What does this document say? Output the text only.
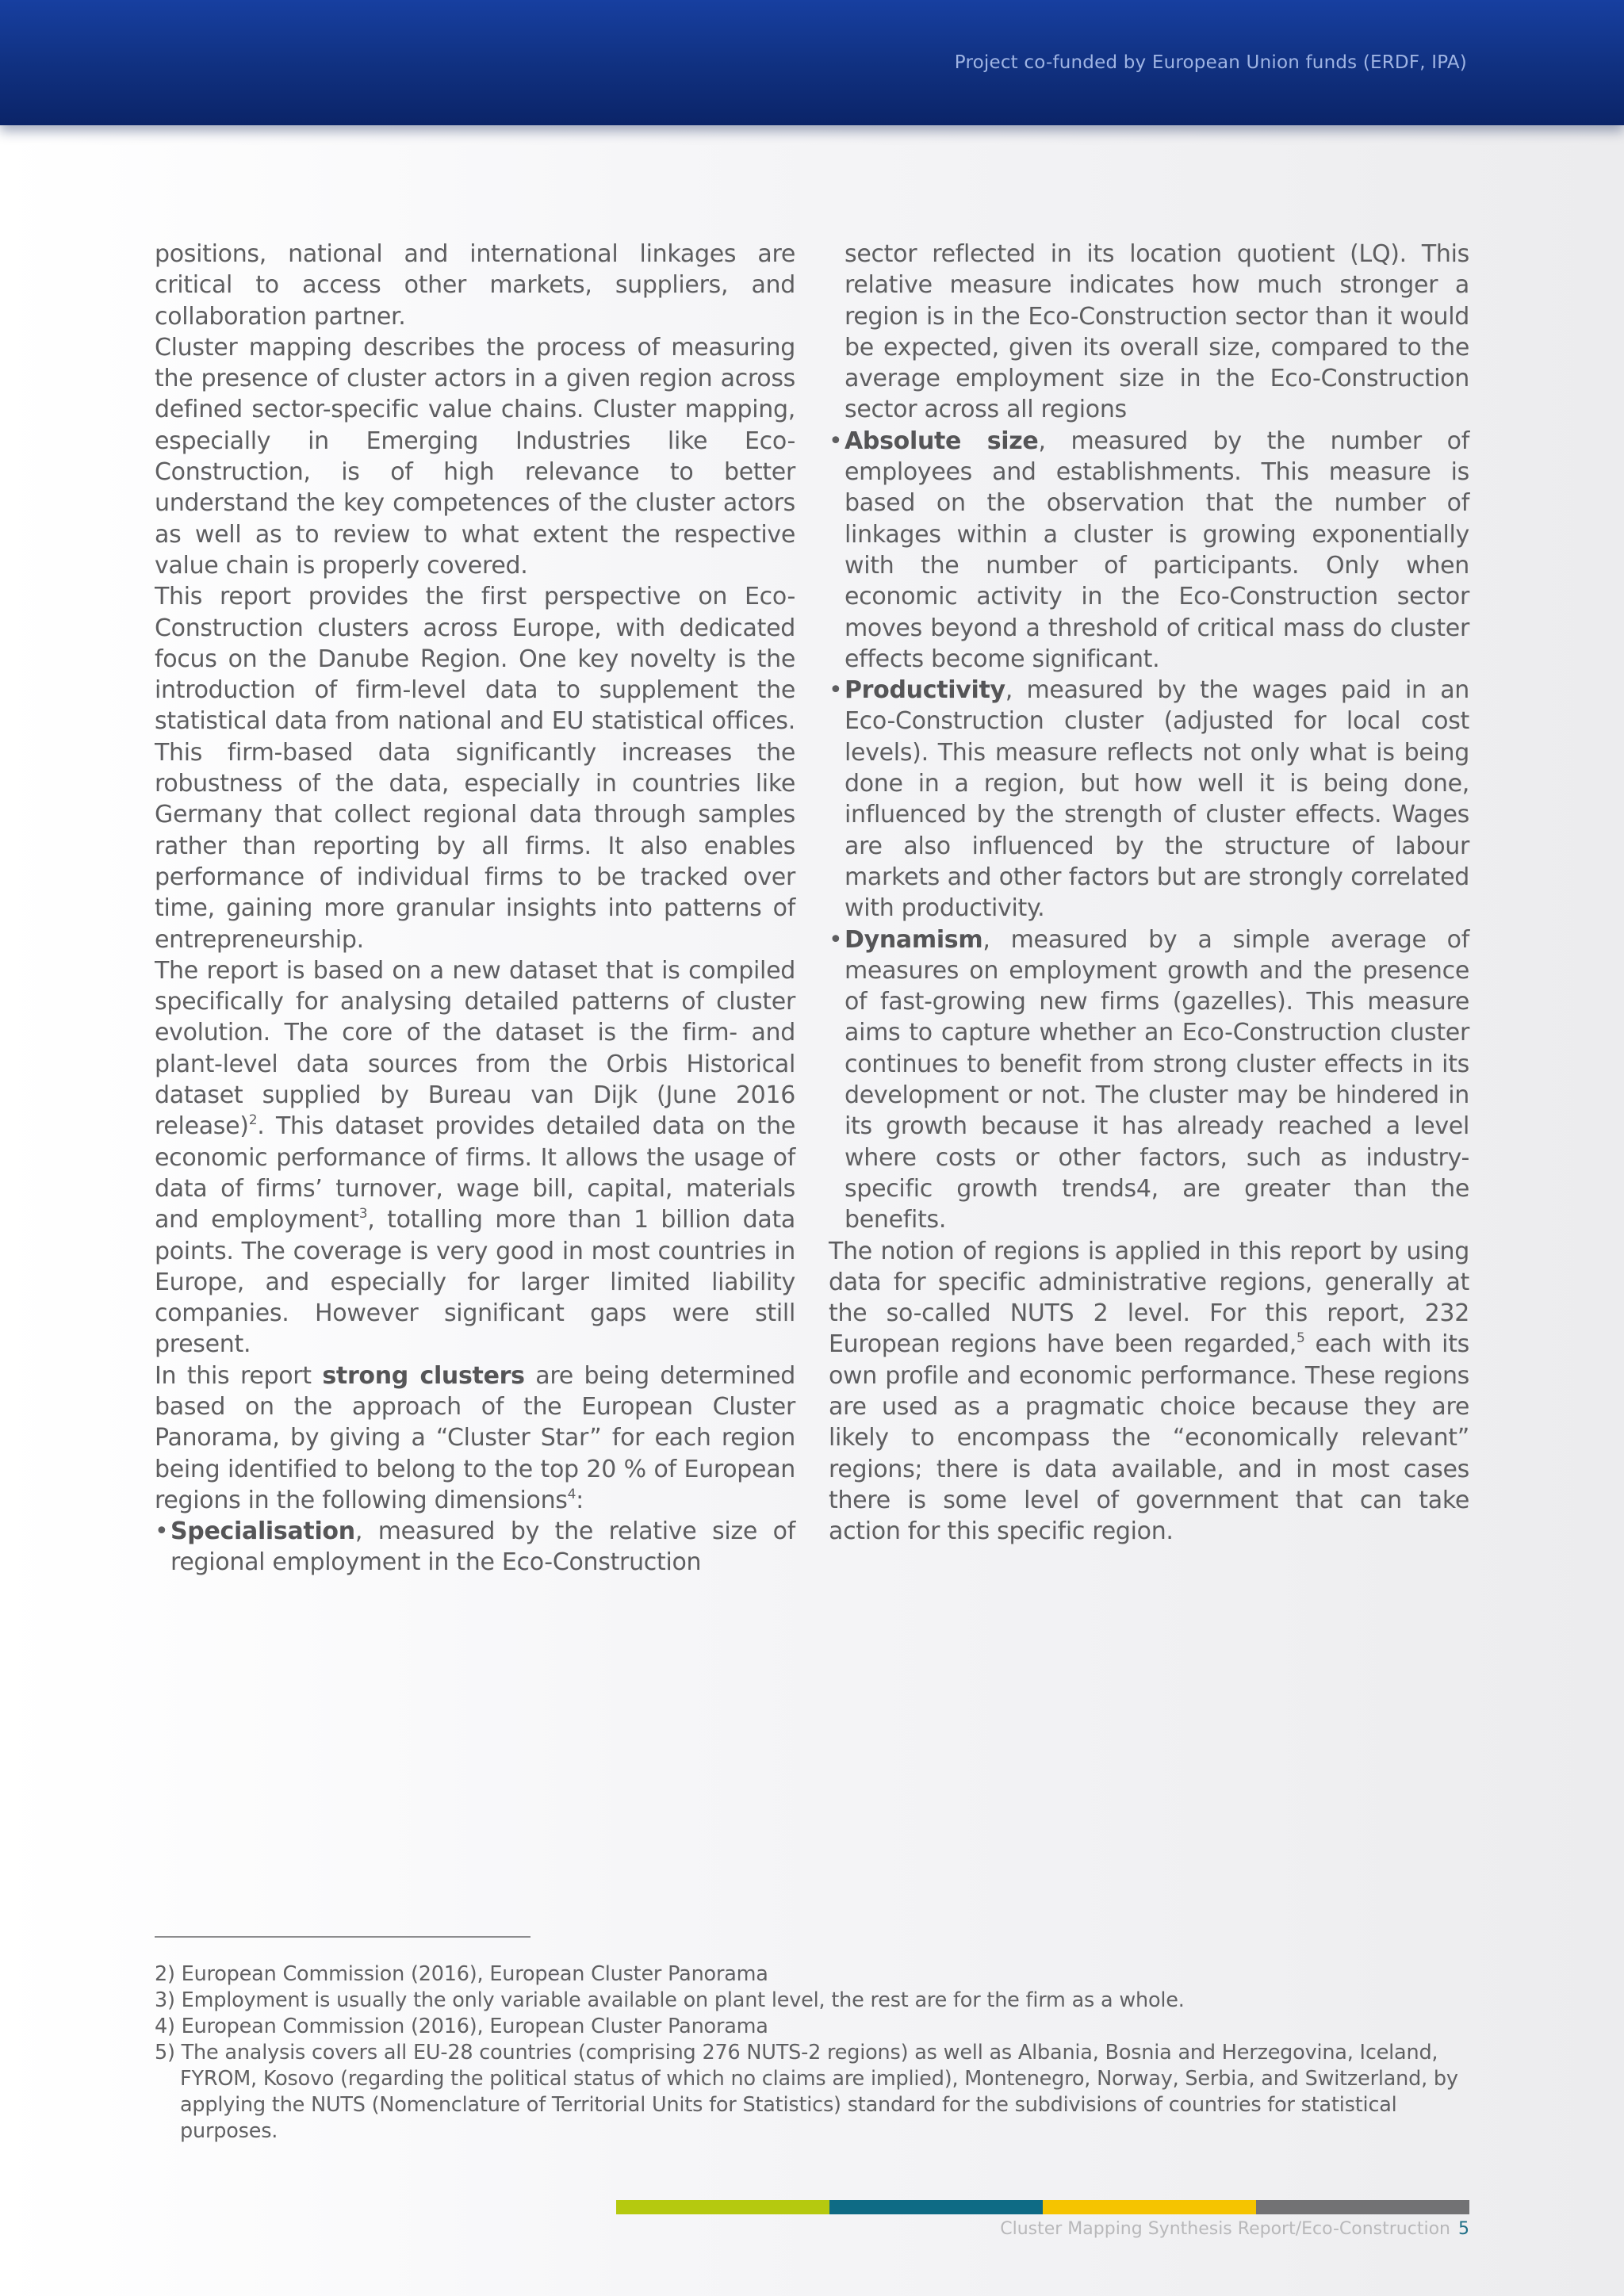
Project co-funded by European Union funds (ERDF, IPA)

positions, national and international linkages are critical to access other markets, suppliers, and collaboration partner.

Cluster mapping describes the process of measuring the presence of cluster actors in a given region across defined sector-specific value chains. Cluster mapping, especially in Emerging Industries like Eco-Construction, is of high relevance to better understand the key competences of the cluster actors as well as to review to what extent the respective value chain is properly covered.

This report provides the first perspective on Eco-Construction clusters across Europe, with dedicated focus on the Danube Region. One key novelty is the introduction of firm-level data to supplement the statistical data from national and EU statistical offices. This firm-based data significantly increases the robustness of the data, especially in countries like Germany that collect regional data through samples rather than reporting by all firms. It also enables performance of individual firms to be tracked over time, gaining more granular insights into patterns of entrepreneurship.

The report is based on a new dataset that is compiled specifically for analysing detailed patterns of cluster evolution. The core of the dataset is the firm- and plant-level data sources from the Orbis Historical dataset supplied by Bureau van Dijk (June 2016 release)$^2$. This dataset provides detailed data on the economic performance of firms. It allows the usage of data of firms’ turnover, wage bill, capital, materials and employment$^3$, totalling more than 1 billion data points. The coverage is very good in most countries in Europe, and especially for larger limited liability companies. However significant gaps were still present.

In this report strong clusters are being determined based on the approach of the European Cluster Panorama, by giving a “Cluster Star” for each region being identified to belong to the top 20 % of European regions in the following dimensions$^4$:

• Specialisation, measured by the relative size of regional employment in the Eco-Construction

sector reflected in its location quotient (LQ). This relative measure indicates how much stronger a region is in the Eco-Construction sector than it would be expected, given its overall size, compared to the average employment size in the Eco-Construction sector across all regions

• Absolute size, measured by the number of employees and establishments. This measure is based on the observation that the number of linkages within a cluster is growing exponentially with the number of participants. Only when economic activity in the Eco-Construction sector moves beyond a threshold of critical mass do cluster effects become significant.

• Productivity, measured by the wages paid in an Eco-Construction cluster (adjusted for local cost levels). This measure reflects not only what is being done in a region, but how well it is being done, influenced by the strength of cluster effects. Wages are also influenced by the structure of labour markets and other factors but are strongly correlated with productivity.

• Dynamism, measured by a simple average of measures on employment growth and the presence of fast-growing new firms (gazelles). This measure aims to capture whether an Eco-Construction cluster continues to benefit from strong cluster effects in its development or not. The cluster may be hindered in its growth because it has already reached a level where costs or other factors, such as industry-specific growth trends4, are greater than the benefits.

The notion of regions is applied in this report by using data for specific administrative regions, generally at the so-called NUTS 2 level. For this report, 232 European regions have been regarded,$^5$ each with its own profile and economic performance. These regions are used as a pragmatic choice because they are likely to encompass the “economically relevant” regions; there is data available, and in most cases there is some level of government that can take action for this specific region.

2) European Commission (2016), European Cluster Panorama

3) Employment is usually the only variable available on plant level, the rest are for the firm as a whole.

4) European Commission (2016), European Cluster Panorama

5) The analysis covers all EU-28 countries (comprising 276 NUTS-2 regions) as well as Albania, Bosnia and Herzegovina, Iceland, FYROM, Kosovo (regarding the political status of which no claims are implied), Montenegro, Norway, Serbia, and Switzerland, by applying the NUTS (Nomenclature of Territorial Units for Statistics) standard for the subdivisions of countries for statistical purposes.

Cluster Mapping Synthesis Report/Eco-Construction 5
